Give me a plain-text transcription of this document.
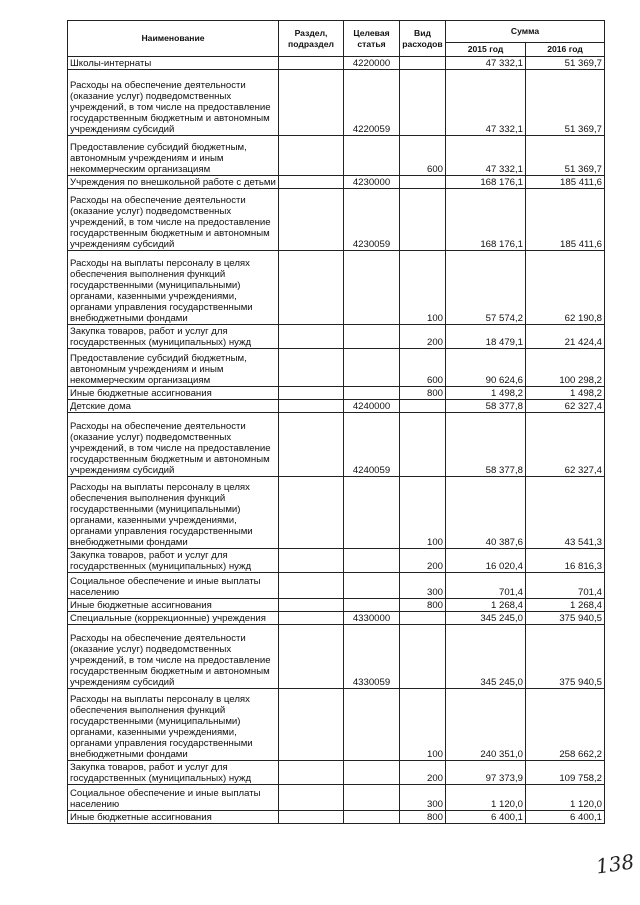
Наименование	Раздел, подраздел	Целевая статья	Вид расходов	Сумма	
				2015 год	2016 год
Школы-интернаты		4220000		47 332,1	51 369,7
Расходы на обеспечение деятельности (оказание услуг) подведомственных учреждений, в том числе на предоставление государственным бюджетным и автономным учреждениям субсидий		4220059		47 332,1	51 369,7
Предоставление субсидий бюджетным, автономным учреждениям и иным некоммерческим организациям			600	47 332,1	51 369,7
Учреждения по внешкольной работе с детьми		4230000		168 176,1	185 411,6
Расходы на обеспечение деятельности (оказание услуг) подведомственных учреждений, в том числе на предоставление государственным бюджетным и автономным учреждениям субсидий		4230059		168 176,1	185 411,6
Расходы на выплаты персоналу в целях обеспечения выполнения функций государственными (муниципальными) органами, казенными учреждениями, органами управления государственными внебюджетными фондами			100	57 574,2	62 190,8
Закупка товаров, работ и услуг для государственных (муниципальных) нужд			200	18 479,1	21 424,4
Предоставление субсидий бюджетным, автономным учреждениям и иным некоммерческим организациям			600	90 624,6	100 298,2
Иные бюджетные ассигнования			800	1 498,2	1 498,2
Детские дома		4240000		58 377,8	62 327,4
Расходы на обеспечение деятельности (оказание услуг) подведомственных учреждений, в том числе на предоставление государственным бюджетным и автономным учреждениям субсидий		4240059		58 377,8	62 327,4
Расходы на выплаты персоналу в целях обеспечения выполнения функций государственными (муниципальными) органами, казенными учреждениями, органами управления государственными внебюджетными фондами			100	40 387,6	43 541,3
Закупка товаров, работ и услуг для государственных (муниципальных) нужд			200	16 020,4	16 816,3
Социальное обеспечение и иные выплаты населению			300	701,4	701,4
Иные бюджетные ассигнования			800	1 268,4	1 268,4
Специальные (коррекционные) учреждения		4330000		345 245,0	375 940,5
Расходы на обеспечение деятельности (оказание услуг) подведомственных учреждений, в том числе на предоставление государственным бюджетным и автономным учреждениям субсидий		4330059		345 245,0	375 940,5
Расходы на выплаты персоналу в целях обеспечения выполнения функций государственными (муниципальными) органами, казенными учреждениями, органами управления государственными внебюджетными фондами			100	240 351,0	258 662,2
Закупка товаров, работ и услуг для государственных (муниципальных) нужд			200	97 373,9	109 758,2
Социальное обеспечение и иные выплаты населению			300	1 120,0	1 120,0
Иные бюджетные ассигнования			800	6 400,1	6 400,1
138
